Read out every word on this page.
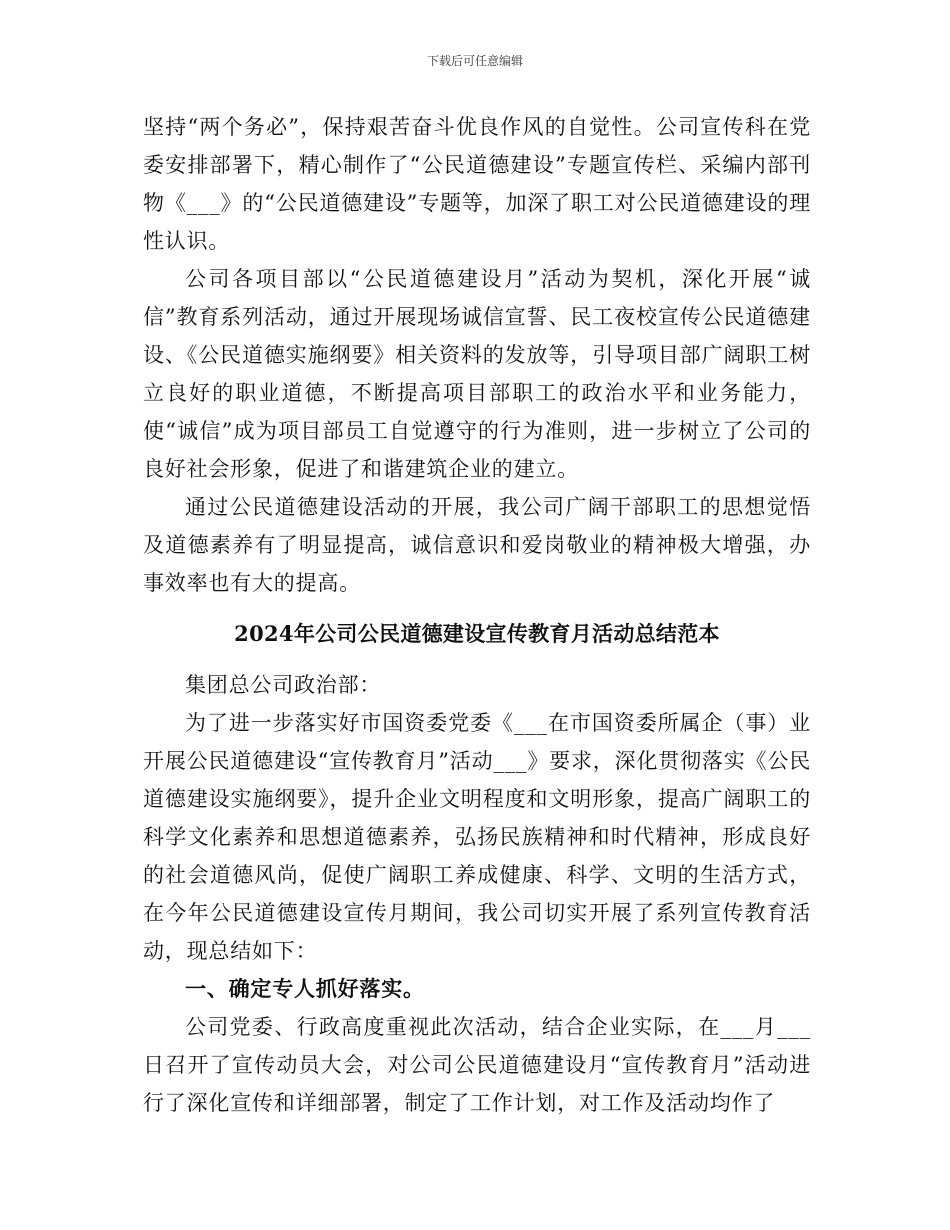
下载后可任意编辑

坚持“两个务必”，保持艰苦奋斗优良作风的自觉性。公司宣传科在党委安排部署下，精心制作了“公民道德建设”专题宣传栏、采编内部刊物《___》的“公民道德建设”专题等，加深了职工对公民道德建设的理性认识。

公司各项目部以“公民道德建设月”活动为契机，深化开展“诚信”教育系列活动，通过开展现场诚信宣誓、民工夜校宣传公民道德建设、《公民道德实施纲要》相关资料的发放等，引导项目部广阔职工树立良好的职业道德，不断提高项目部职工的政治水平和业务能力，使“诚信”成为项目部员工自觉遵守的行为准则，进一步树立了公司的良好社会形象，促进了和谐建筑企业的建立。

通过公民道德建设活动的开展，我公司广阔干部职工的思想觉悟及道德素养有了明显提高，诚信意识和爱岗敬业的精神极大增强，办事效率也有大的提高。

2024年公司公民道德建设宣传教育月活动总结范本

集团总公司政治部：

为了进一步落实好市国资委党委《___在市国资委所属企（事）业开展公民道德建设“宣传教育月”活动___》要求，深化贯彻落实《公民道德建设实施纲要》，提升企业文明程度和文明形象，提高广阔职工的科学文化素养和思想道德素养，弘扬民族精神和时代精神，形成良好的社会道德风尚，促使广阔职工养成健康、科学、文明的生活方式，在今年公民道德建设宣传月期间，我公司切实开展了系列宣传教育活动，现总结如下：

一、确定专人抓好落实。

公司党委、行政高度重视此次活动，结合企业实际，在___月___日召开了宣传动员大会，对公司公民道德建设月“宣传教育月”活动进行了深化宣传和详细部署，制定了工作计划，对工作及活动均作了
